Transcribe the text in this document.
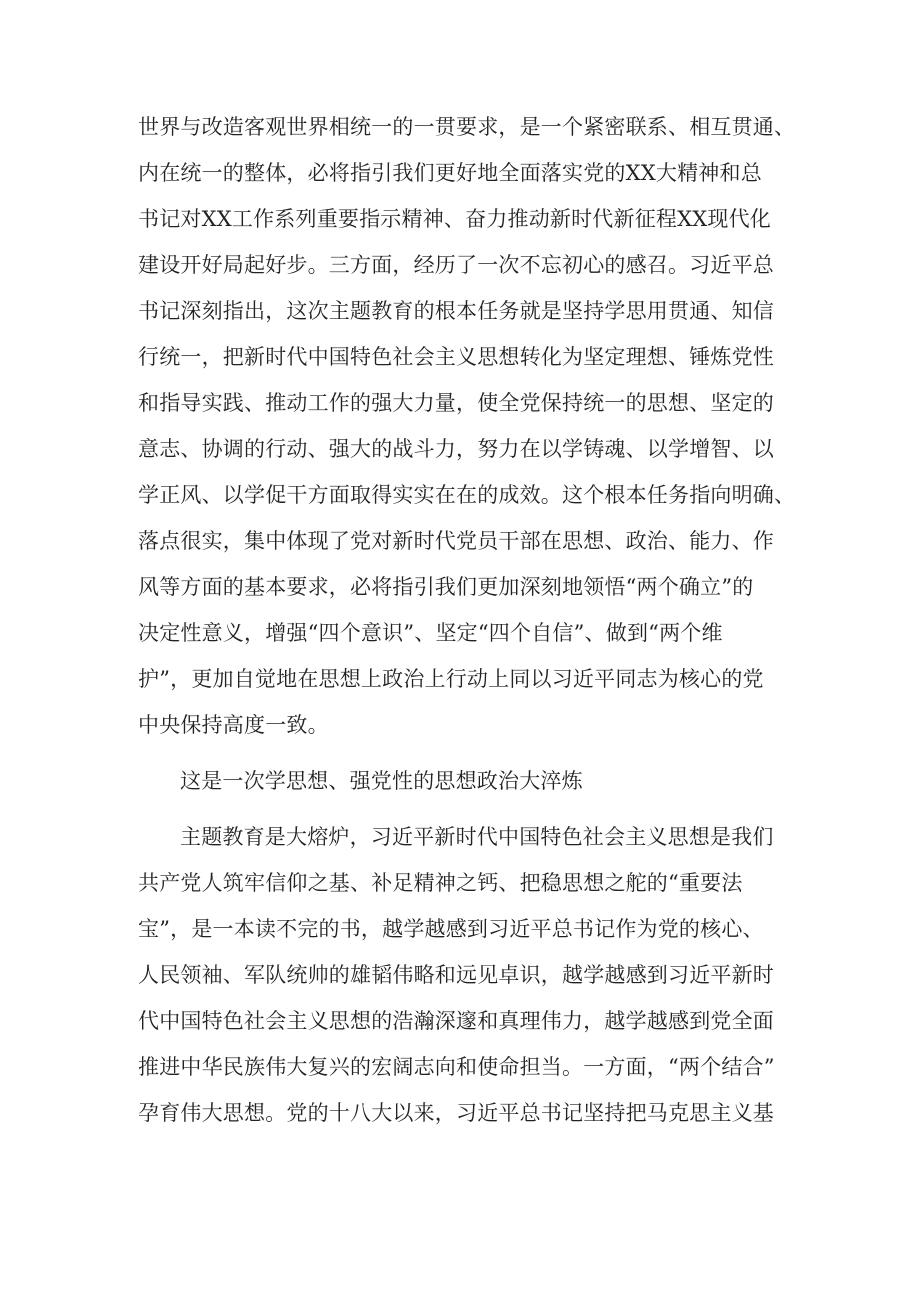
世界与改造客观世界相统一的一贯要求，是一个紧密联系、相互贯通、
内在统一的整体，必将指引我们更好地全面落实党的XX大精神和总
书记对XX工作系列重要指示精神、奋力推动新时代新征程XX现代化
建设开好局起好步。三方面，经历了一次不忘初心的感召。习近平总
书记深刻指出，这次主题教育的根本任务就是坚持学思用贯通、知信
行统一，把新时代中国特色社会主义思想转化为坚定理想、锤炼党性
和指导实践、推动工作的强大力量，使全党保持统一的思想、坚定的
意志、协调的行动、强大的战斗力，努力在以学铸魂、以学增智、以
学正风、以学促干方面取得实实在在的成效。这个根本任务指向明确、
落点很实，集中体现了党对新时代党员干部在思想、政治、能力、作
风等方面的基本要求，必将指引我们更加深刻地领悟“两个确立”的
决定性意义，增强“四个意识”、坚定“四个自信”、做到“两个维
护”，更加自觉地在思想上政治上行动上同以习近平同志为核心的党
中央保持高度一致。
这是一次学思想、强党性的思想政治大淬炼
主题教育是大熔炉，习近平新时代中国特色社会主义思想是我们
共产党人筑牢信仰之基、补足精神之钙、把稳思想之舵的“重要法
宝”，是一本读不完的书，越学越感到习近平总书记作为党的核心、
人民领袖、军队统帅的雄韬伟略和远见卓识，越学越感到习近平新时
代中国特色社会主义思想的浩瀚深邃和真理伟力，越学越感到党全面
推进中华民族伟大复兴的宏阔志向和使命担当。一方面，“两个结合”
孕育伟大思想。党的十八大以来，习近平总书记坚持把马克思主义基
